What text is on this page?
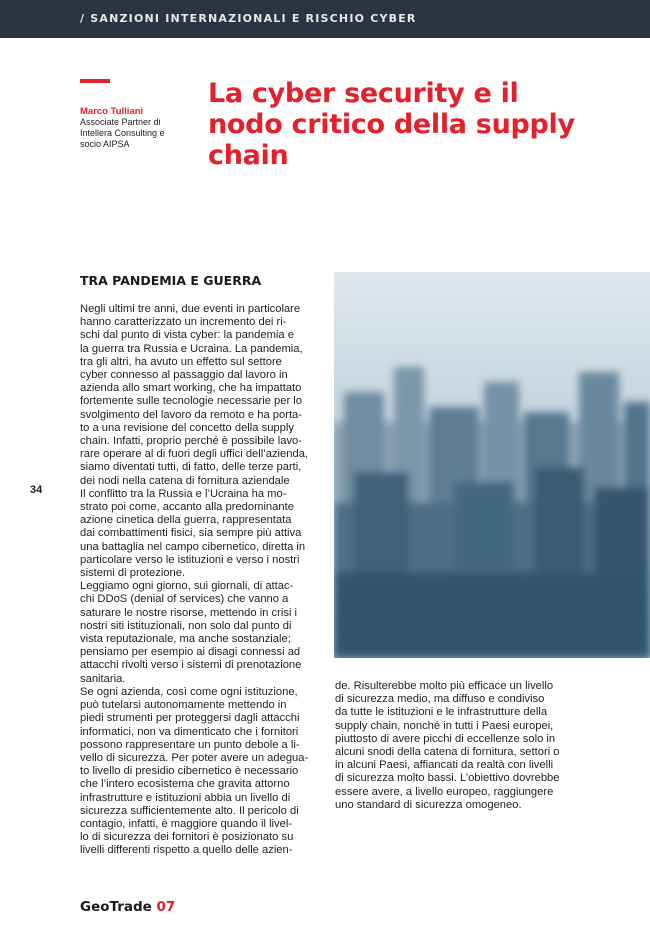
/ SANZIONI INTERNAZIONALI E RISCHIO CYBER
Marco Tulliani
Associate Partner di
Intellera Consulting e
socio AIPSA
La cyber security e il
nodo critico della supply
chain
TRA PANDEMIA E GUERRA
Negli ultimi tre anni, due eventi in particolare
hanno caratterizzato un incremento dei ri-
schi dal punto di vista cyber: la pandemia e
la guerra tra Russia e Ucraina. La pandemia,
tra gli altri, ha avuto un effetto sul settore
cyber connesso al passaggio dal lavoro in
azienda allo smart working, che ha impattato
fortemente sulle tecnologie necessarie per lo
svolgimento del lavoro da remoto e ha porta-
to a una revisione del concetto della supply
chain. Infatti, proprio perché è possibile lavo-
rare operare al di fuori degli uffici dell’azienda,
siamo diventati tutti, di fatto, delle terze parti,
dei nodi nella catena di fornitura aziendale
Il conflitto tra la Russia e l’Ucraina ha mo-
strato poi come, accanto alla predominante
azione cinetica della guerra, rappresentata
dai combattimenti fisici, sia sempre più attiva
una battaglia nel campo cibernetico, diretta in
particolare verso le istituzioni e verso i nostri
sistemi di protezione.
Leggiamo ogni giorno, sui giornali, di attac-
chi DDoS (denial of services) che vanno a
saturare le nostre risorse, mettendo in crisi i
nostri siti istituzionali, non solo dal punto di
vista reputazionale, ma anche sostanziale;
pensiamo per esempio ai disagi connessi ad
attacchi rivolti verso i sistemi di prenotazione
sanitaria.
Se ogni azienda, così come ogni istituzione,
può tutelarsi autonomamente mettendo in
piedi strumenti per proteggersi dagli attacchi
informatici, non va dimenticato che i fornitori
possono rappresentare un punto debole a li-
vello di sicurezza. Per poter avere un adegua-
to livello di presidio cibernetico è necessario
che l’intero ecosistema che gravita attorno
infrastrutture e istituzioni abbia un livello di
sicurezza sufficientemente alto. Il pericolo di
contagio, infatti, è maggiore quando il livel-
lo di sicurezza dei fornitori è posizionato su
livelli differenti rispetto a quello delle azien-
34
de. Risulterebbe molto più efficace un livello
di sicurezza medio, ma diffuso e condiviso
da tutte le istituzioni e le infrastrutture della
supply chain, nonché in tutti i Paesi europei,
piuttosto di avere picchi di eccellenze solo in
alcuni snodi della catena di fornitura, settori o
in alcuni Paesi, affiancati da realtà con livelli
di sicurezza molto bassi. L’obiettivo dovrebbe
essere avere, a livello europeo, raggiungere
uno standard di sicurezza omogeneo.
GeoTrade 07
